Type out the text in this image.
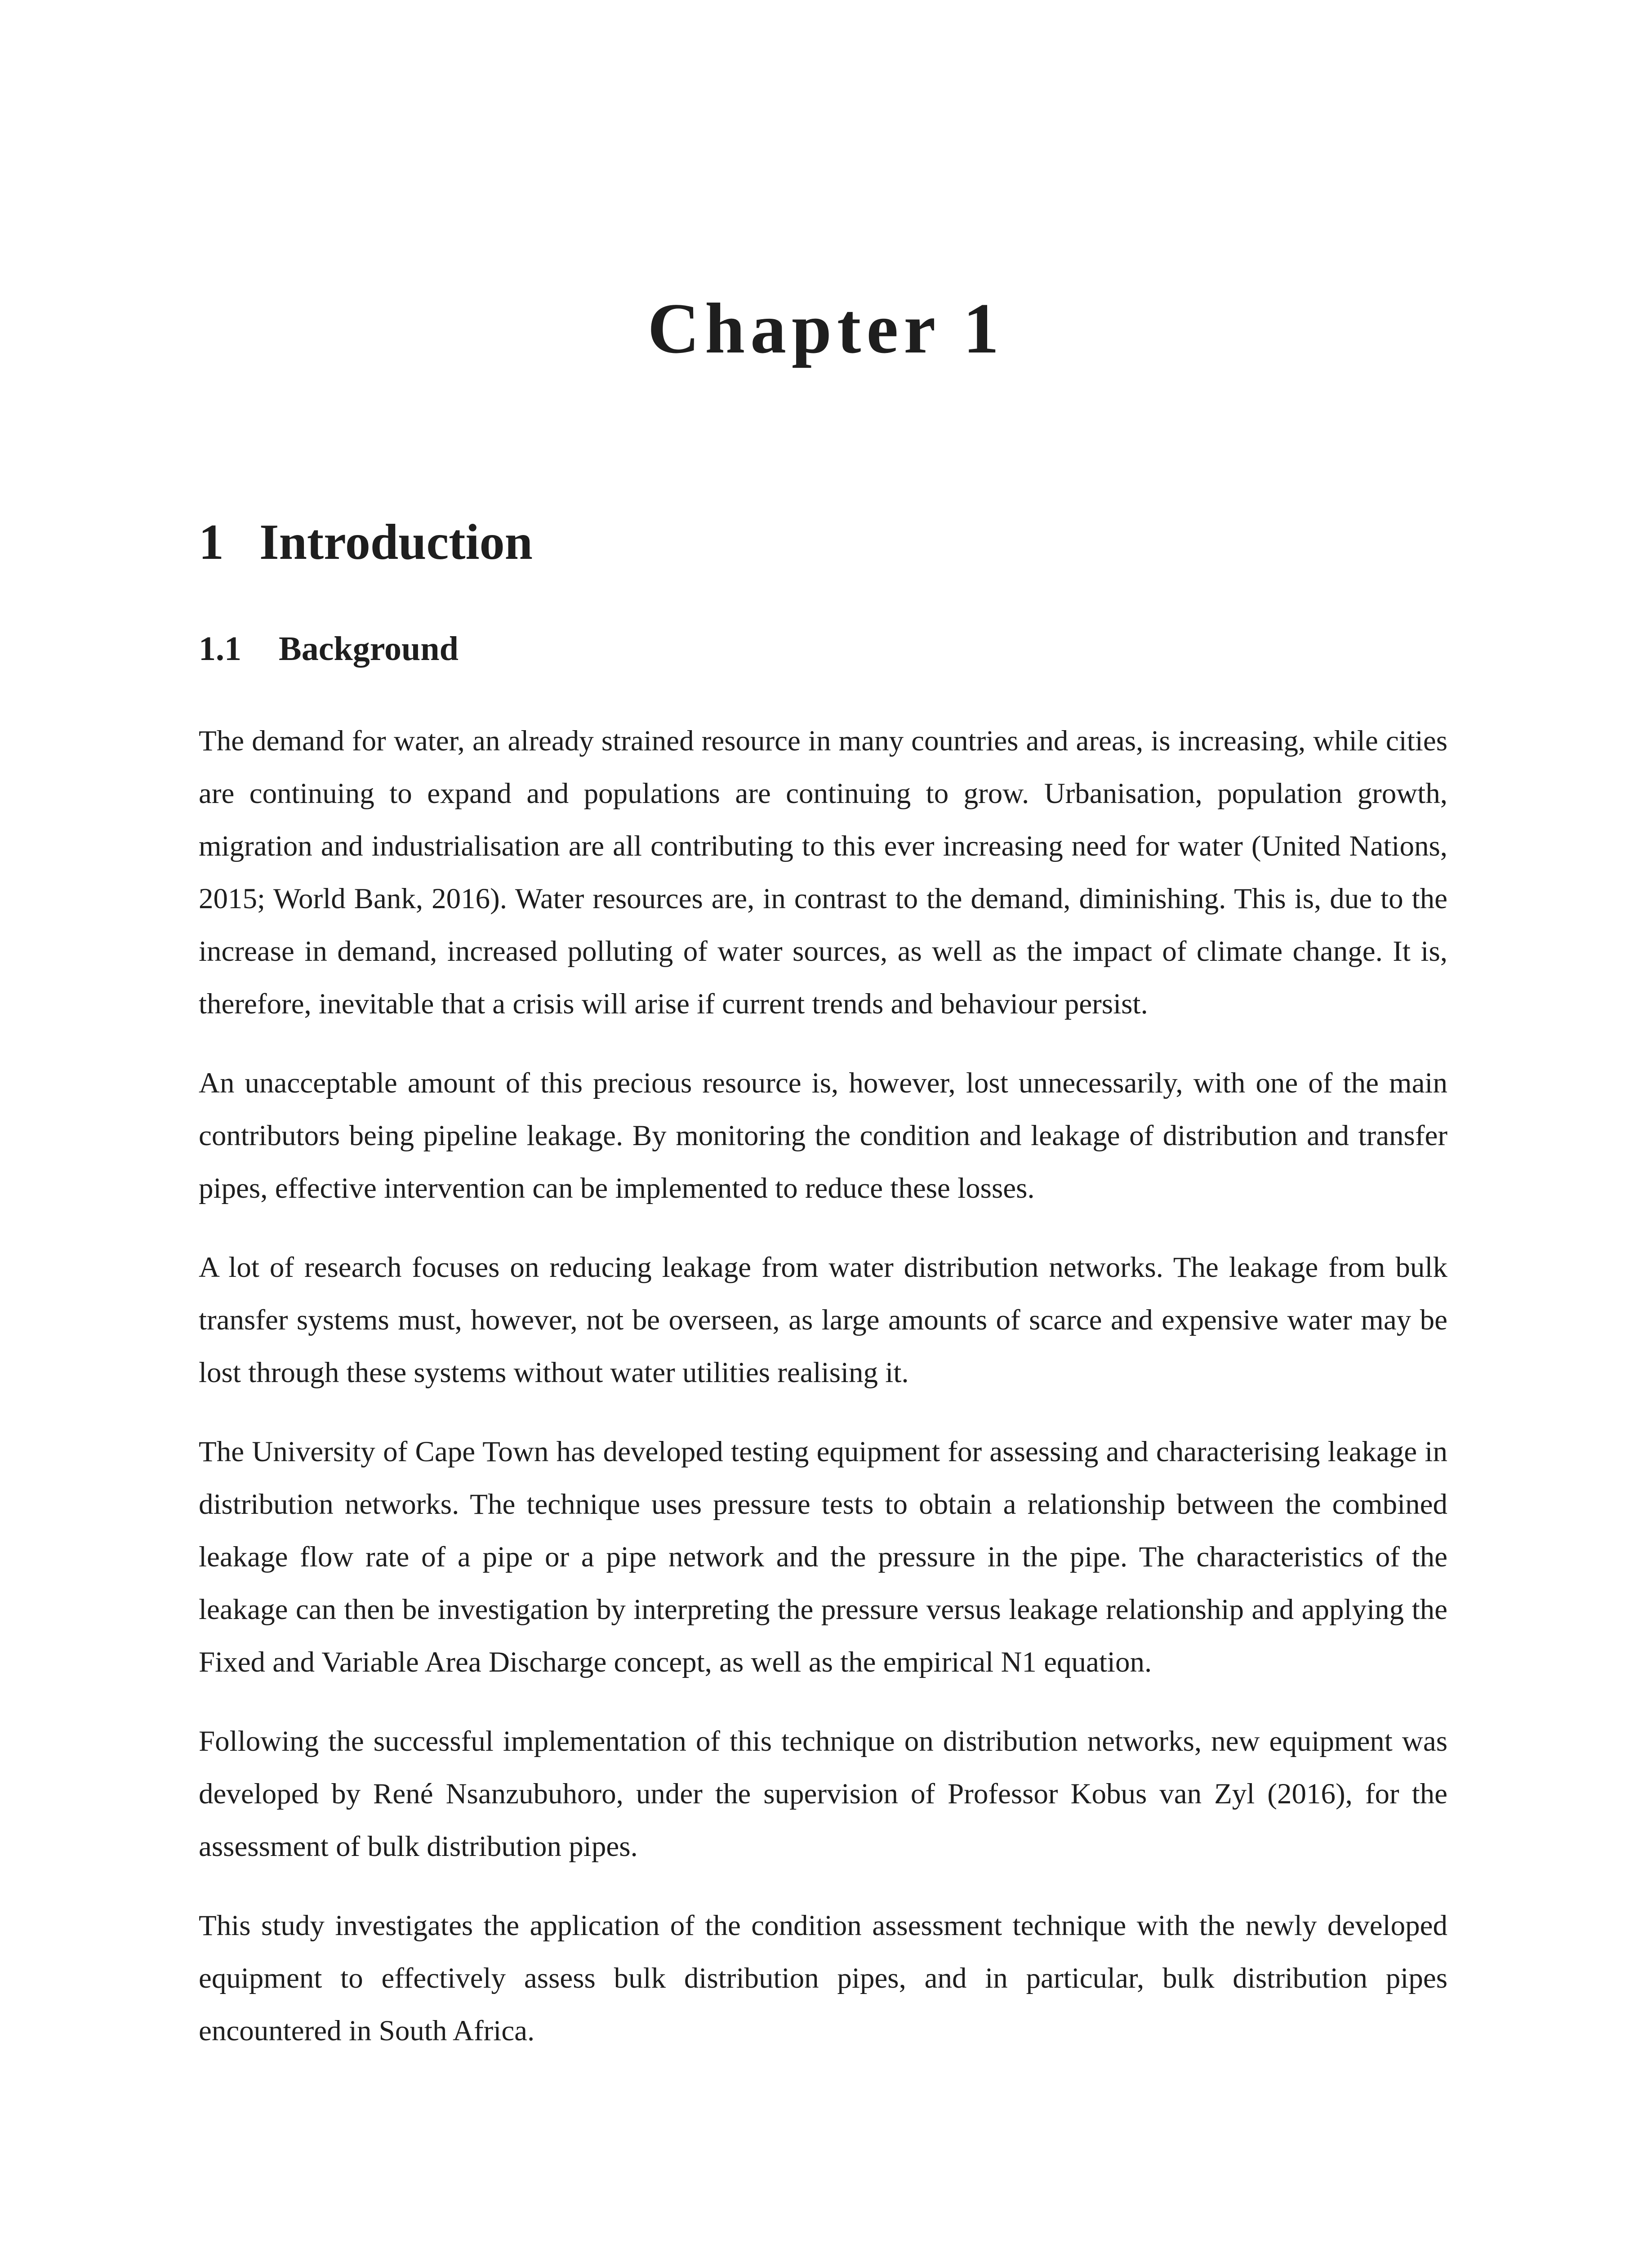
Chapter 1
1 Introduction
1.1 Background

The demand for water, an already strained resource in many countries and areas, is increasing, while cities are continuing to expand and populations are continuing to grow. Urbanisation, population growth, migration and industrialisation are all contributing to this ever increasing need for water (United Nations, 2015; World Bank, 2016). Water resources are, in contrast to the demand, diminishing. This is, due to the increase in demand, increased polluting of water sources, as well as the impact of climate change. It is, therefore, inevitable that a crisis will arise if current trends and behaviour persist.

An unacceptable amount of this precious resource is, however, lost unnecessarily, with one of the main contributors being pipeline leakage. By monitoring the condition and leakage of distribution and transfer pipes, effective intervention can be implemented to reduce these losses.

A lot of research focuses on reducing leakage from water distribution networks. The leakage from bulk transfer systems must, however, not be overseen, as large amounts of scarce and expensive water may be lost through these systems without water utilities realising it.

The University of Cape Town has developed testing equipment for assessing and characterising leakage in distribution networks. The technique uses pressure tests to obtain a relationship between the combined leakage flow rate of a pipe or a pipe network and the pressure in the pipe. The characteristics of the leakage can then be investigation by interpreting the pressure versus leakage relationship and applying the Fixed and Variable Area Discharge concept, as well as the empirical N1 equation.

Following the successful implementation of this technique on distribution networks, new equipment was developed by René Nsanzubuhoro, under the supervision of Professor Kobus van Zyl (2016), for the assessment of bulk distribution pipes.

This study investigates the application of the condition assessment technique with the newly developed equipment to effectively assess bulk distribution pipes, and in particular, bulk distribution pipes encountered in South Africa.
